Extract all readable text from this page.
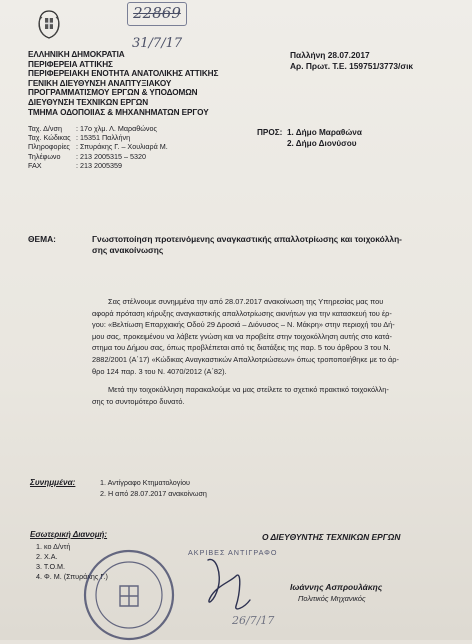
22869
31/7/17
ΕΛΛΗΝΙΚΗ ΔΗΜΟΚΡΑΤΙΑ
ΠΕΡΙΦΕΡΕΙΑ ΑΤΤΙΚΗΣ
ΠΕΡΙΦΕΡΕΙΑΚΗ ΕΝΟΤΗΤΑ ΑΝΑΤΟΛΙΚΗΣ ΑΤΤΙΚΗΣ
ΓΕΝΙΚΗ ΔΙΕΥΘΥΝΣΗ ΑΝΑΠΤΥΞΙΑΚΟΥ
ΠΡΟΓΡΑΜΜΑΤΙΣΜΟΥ ΕΡΓΩΝ & ΥΠΟΔΟΜΩΝ
ΔΙΕΥΘΥΝΣΗ ΤΕΧΝΙΚΩΝ ΕΡΓΩΝ
ΤΜΗΜΑ ΟΔΟΠΟΙΙΑΣ & ΜΗΧΑΝΗΜΑΤΩΝ ΕΡΓΟΥ
Παλλήνη 28.07.2017
Αρ. Πρωτ. Τ.Ε. 159751/3773/σικ
Ταχ. Δ/νση	: 17ο χλμ. Λ. Μαραθώνος
Ταχ. Κώδικας : 15351 Παλλήνη
Πληροφορίες : Σπυράκης Γ. – Χουλιαρά Μ.
Τηλέφωνο	: 213 2005315 – 5320
FAX	: 213 2005359
ΠΡΟΣ: 1. Δήμο Μαραθώνα
2. Δήμο Διονύσου
ΘΕΜΑ:	Γνωστοποίηση προτεινόμενης αναγκαστικής απαλλοτρίωσης και τοιχοκόλλη-
σης ανακοίνωσης
Σας στέλνουμε συνημμένα την από 28.07.2017 ανακοίνωση της Υπηρεσίας μας που
αφορά πρόταση κήρυξης αναγκαστικής απαλλοτρίωσης ακινήτων για την κατασκευή του έρ-
γου: «Βελτίωση Επαρχιακής Οδού 29 Δροσιά – Διόνυσος – Ν. Μάκρη» στην περιοχή του Δή-
μου σας, προκειμένου να λάβετε γνώση και να προβείτε στην τοιχοκόλληση αυτής στο κατά-
στημα του Δήμου σας, όπως προβλέπεται από τις διατάξεις της παρ. 5 του άρθρου 3 του Ν.
2882/2001 (Α΄17) «Κώδικας Αναγκαστικών Απαλλοτριώσεων» όπως τροποποιήθηκε με το άρ-
θρο 124 παρ. 3 του Ν. 4070/2012 (Α΄82).
Μετά την τοιχοκόλληση παρακαλούμε να μας στείλετε το σχετικό πρακτικό τοιχοκόλλη-
σης το συντομότερο δυνατό.
Συνημμένα:	1. Αντίγραφο Κτηματολογίου
2. Η από 28.07.2017 ανακοίνωση
Εσωτερική Διανομή:
1. κο Δ/ντή
2. Χ.Α.
3. Τ.Ο.Μ.
4. Φ. Μ. (Σπυράκης Γ.)
Ο ΔΙΕΥΘΥΝΤΗΣ ΤΕΧΝΙΚΩΝ ΕΡΓΩΝ
ΑΚΡΙΒΕΣ ΑΝΤΙΓΡΑΦΟ
Ιωάννης Ασπρουλάκης
Πολιτικός Μηχανικός
26/7/17
